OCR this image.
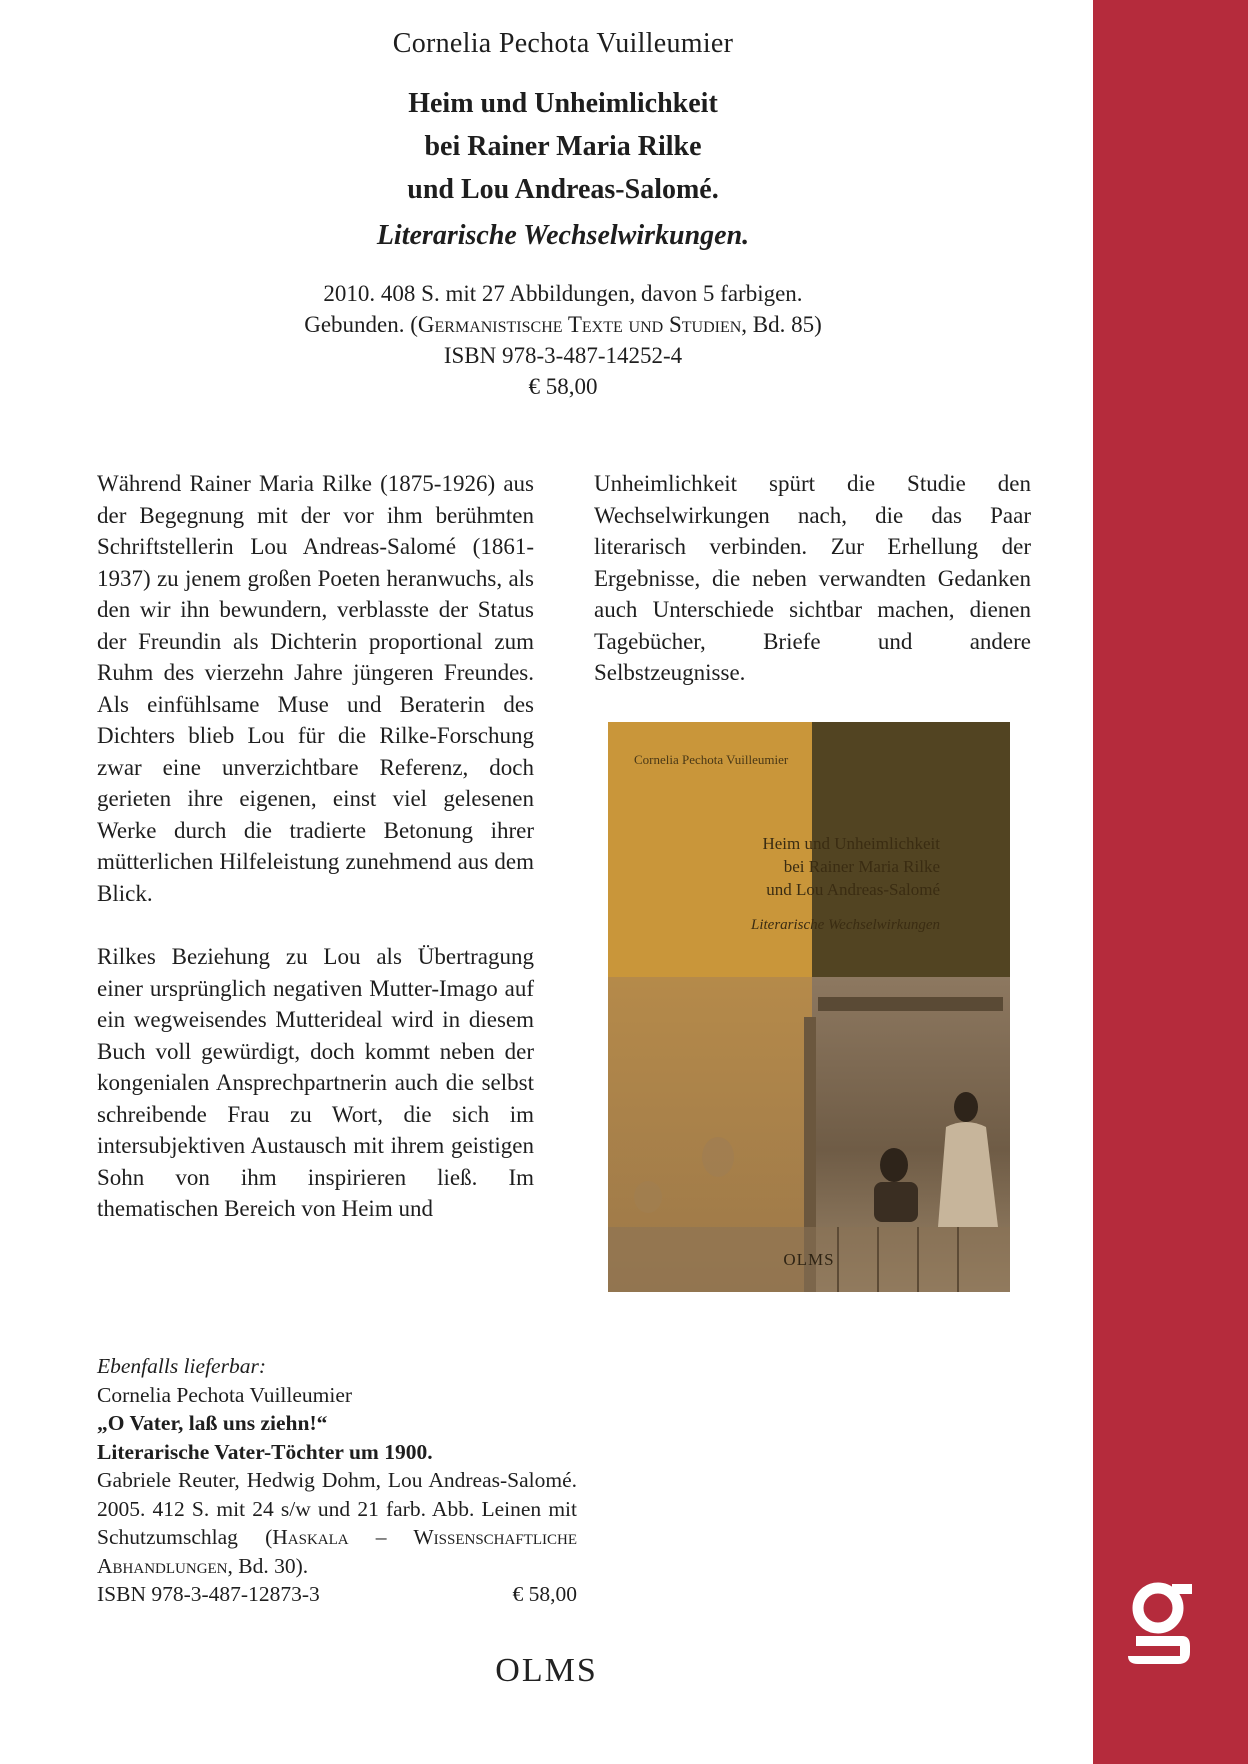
Cornelia Pechota Vuilleumier
Heim und Unheimlichkeit
bei Rainer Maria Rilke
und Lou Andreas-Salomé.
Literarische Wechselwirkungen.
2010. 408 S. mit 27 Abbildungen, davon 5 farbigen.
Gebunden. (Germanistische Texte und Studien, Bd. 85)
ISBN 978-3-487-14252-4
€ 58,00

Während Rainer Maria Rilke (1875-1926) aus der Begegnung mit der vor ihm berühmten Schriftstellerin Lou Andreas-Salomé (1861-1937) zu jenem großen Poeten heranwuchs, als den wir ihn bewundern, verblasste der Status der Freundin als Dichterin proportional zum Ruhm des vierzehn Jahre jüngeren Freundes. Als einfühlsame Muse und Beraterin des Dichters blieb Lou für die Rilke-Forschung zwar eine unverzichtbare Referenz, doch gerieten ihre eigenen, einst viel gelesenen Werke durch die tradierte Betonung ihrer mütterlichen Hilfeleistung zunehmend aus dem Blick.

Rilkes Beziehung zu Lou als Übertragung einer ursprünglich negativen Mutter-Imago auf ein wegweisendes Mutterideal wird in diesem Buch voll gewürdigt, doch kommt neben der kongenialen Ansprechpartnerin auch die selbst schreibende Frau zu Wort, die sich im intersubjektiven Austausch mit ihrem geistigen Sohn von ihm inspirieren ließ. Im thematischen Bereich von Heim und

Unheimlichkeit spürt die Studie den Wechselwirkungen nach, die das Paar literarisch verbinden. Zur Erhellung der Ergebnisse, die neben verwandten Gedanken auch Unterschiede sichtbar machen, dienen Tagebücher, Briefe und andere Selbstzeugnisse.

Cornelia Pechota Vuilleumier
Heim und Unheimlichkeit
bei Rainer Maria Rilke
und Lou Andreas-Salomé
Literarische Wechselwirkungen
OLMS

Ebenfalls lieferbar:

Cornelia Pechota Vuilleumier

„O Vater, laß uns ziehn!“

Literarische Vater-Töchter um 1900.

Gabriele Reuter, Hedwig Dohm, Lou Andreas-Salomé. 2005. 412 S. mit 24 s/w und 21 farb. Abb. Leinen mit Schutzumschlag (Haskala – Wissenschaftliche Abhandlungen, Bd. 30).

ISBN 978-3-487-12873-3	€ 58,00
OLMS
